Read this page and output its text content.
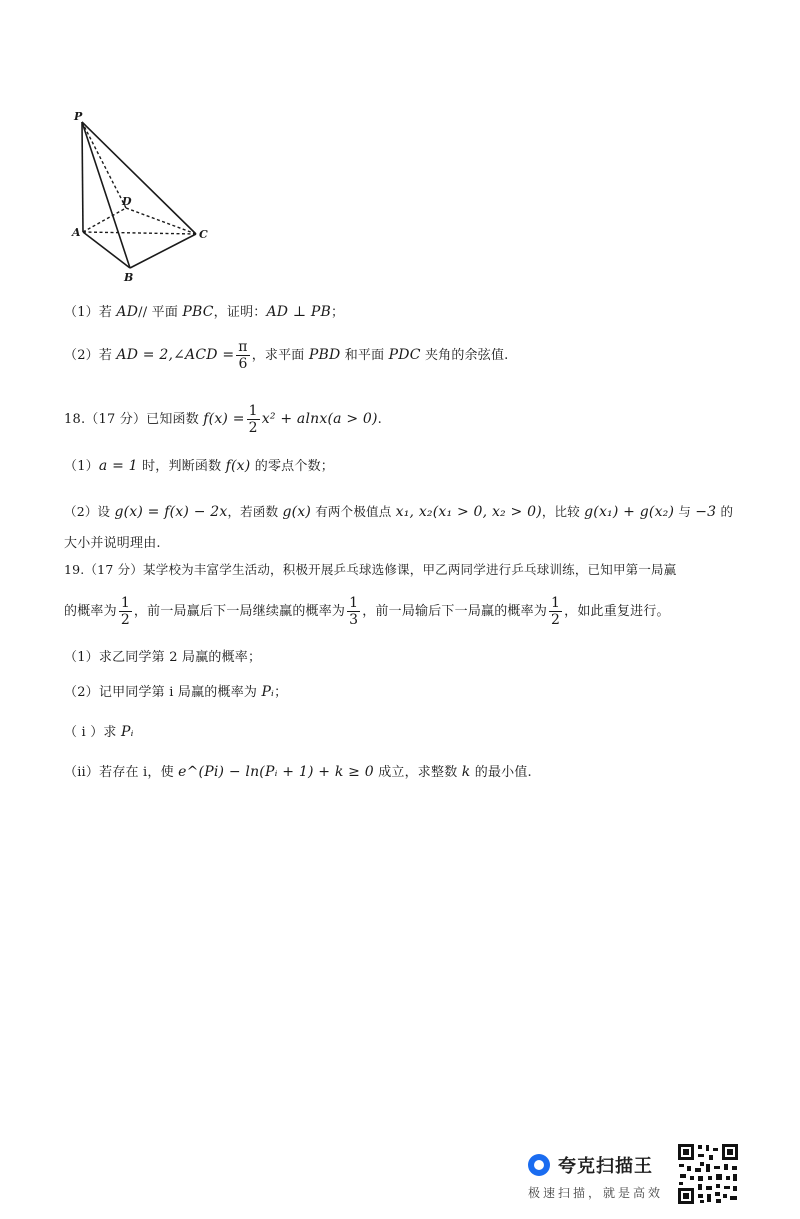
P
D
A	C
B
（1）若 AD// 平面 PBC，证明：AD ⊥ PB；
（2）若 AD = 2,∠ACD = $\frac{\pi}{6}$ ，求平面 PBD 和平面 PDC 夹角的余弦值.
18.（17 分）已知函数 $f(x) = \frac{1}{2} x^2 + alnx(a > 0)$.
（1）a = 1 时，判断函数 f(x) 的零点个数；
（2）设 g(x) = f(x) − 2x，若函数 g(x) 有两个极值点 x₁, x₂(x₁ > 0, x₂ > 0)，比较 g(x₁) + g(x₂) 与 −3 的
大小并说明理由.
19.（17 分）某学校为丰富学生活动，积极开展乒乓球选修课，甲乙两同学进行乒乓球训练，已知甲第一局赢
的概率为 $\frac{1}{2}$ ，前一局赢后下一局继续赢的概率为 $\frac{1}{3}$ ，前一局输后下一局赢的概率为 $\frac{1}{2}$ ，如此重复进行。
（1）求乙同学第 2 局赢的概率；
（2）记甲同学第 i 局赢的概率为 Pᵢ；
（ i ）求 Pᵢ
（ii）若存在 i，使 e^(Pi) − ln(Pᵢ + 1) + k ≥ 0 成立，求整数 k 的最小值.
夸克扫描王
极速扫描，就是高效
